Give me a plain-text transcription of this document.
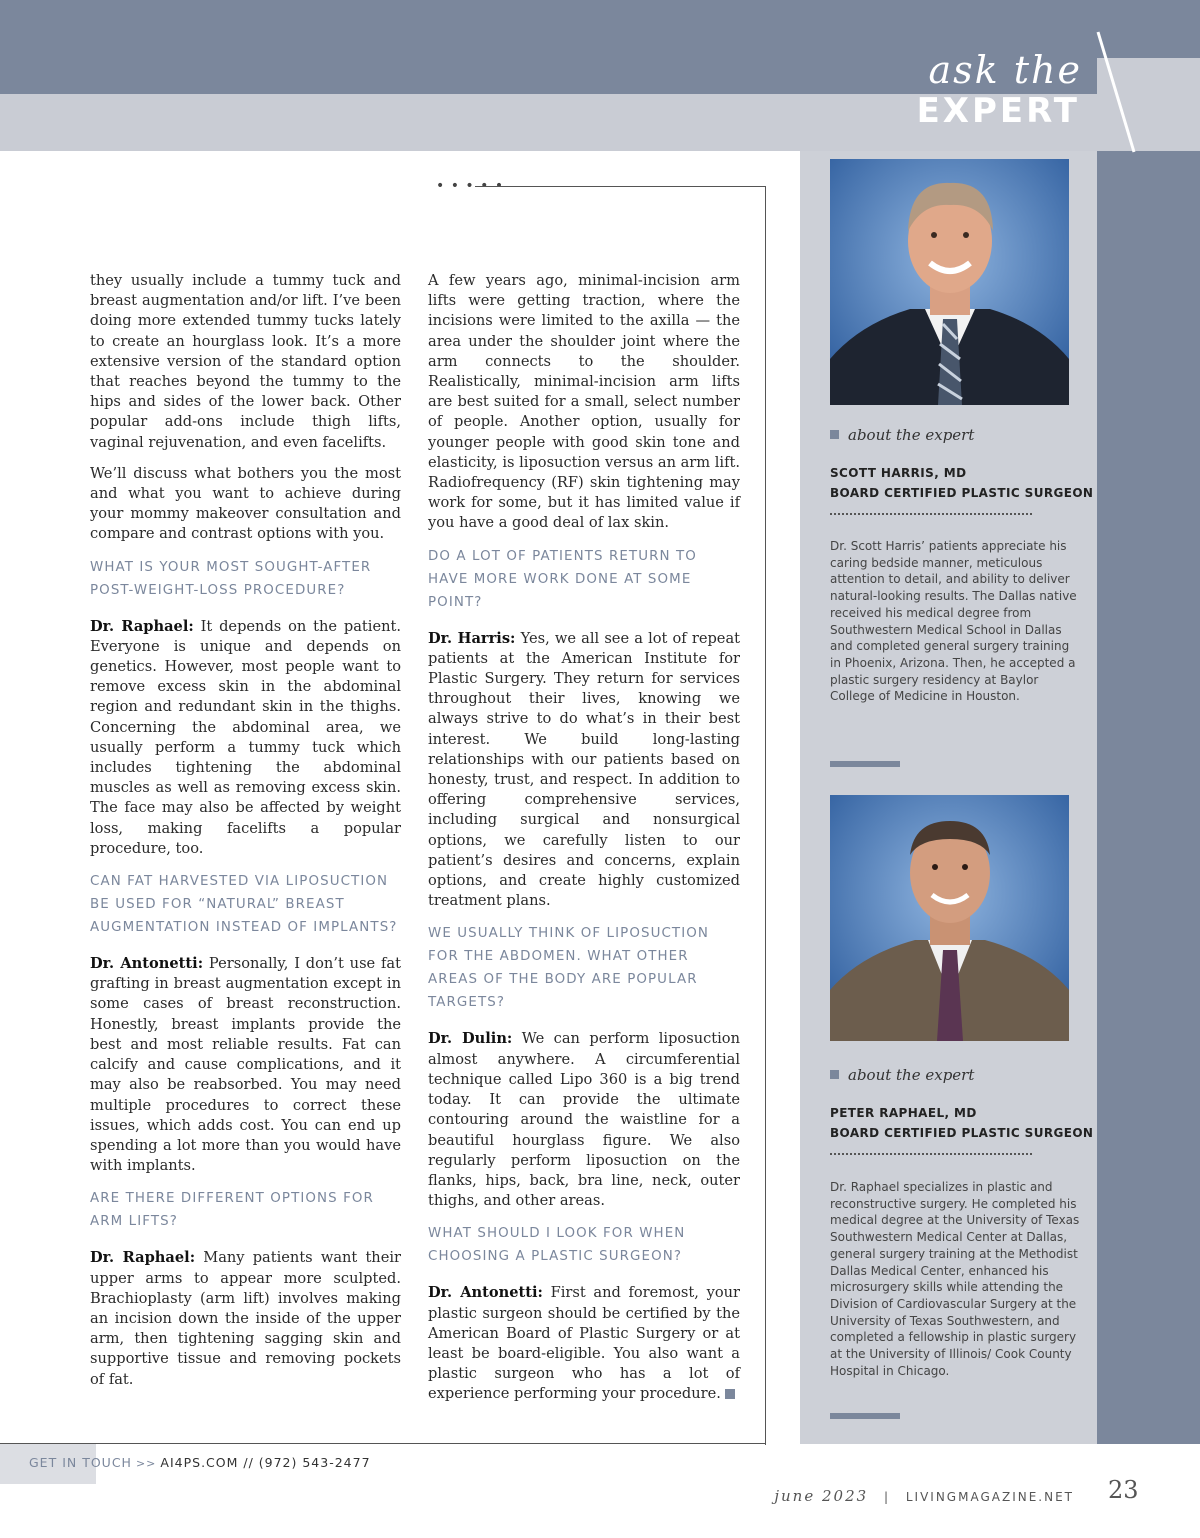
ask the
EXPERT
• • • • •

they usually include a tummy tuck and breast augmentation and/or lift. I’ve been doing more extended tummy tucks lately to create an hourglass look. It’s a more extensive version of the standard option that reaches beyond the tummy to the hips and sides of the lower back. Other popular add-ons include thigh lifts, vaginal rejuvenation, and even facelifts.

We’ll discuss what bothers you the most and what you want to achieve during your mommy makeover consultation and compare and contrast options with you.

WHAT IS YOUR MOST SOUGHT-AFTER POST-WEIGHT-LOSS PROCEDURE?

Dr. Raphael: It depends on the patient. Everyone is unique and depends on genetics. However, most people want to remove excess skin in the abdominal region and redundant skin in the thighs. Concerning the abdominal area, we usually perform a tummy tuck which includes tightening the abdominal muscles as well as removing excess skin. The face may also be affected by weight loss, making facelifts a popular procedure, too.

CAN FAT HARVESTED VIA LIPOSUCTION BE USED FOR “NATURAL” BREAST AUGMENTATION INSTEAD OF IMPLANTS?

Dr. Antonetti: Personally, I don’t use fat grafting in breast augmentation except in some cases of breast reconstruction. Honestly, breast implants provide the best and most reliable results. Fat can calcify and cause complications, and it may also be reabsorbed. You may need multiple procedures to correct these issues, which adds cost. You can end up spending a lot more than you would have with implants.

ARE THERE DIFFERENT OPTIONS FOR ARM LIFTS?

Dr. Raphael: Many patients want their upper arms to appear more sculpted. Brachioplasty (arm lift) involves making an incision down the inside of the upper arm, then tightening sagging skin and supportive tissue and removing pockets of fat.

A few years ago, minimal-incision arm lifts were getting traction, where the incisions were limited to the axilla — the area under the shoulder joint where the arm connects to the shoulder. Realistically, minimal-incision arm lifts are best suited for a small, select number of people. Another option, usually for younger people with good skin tone and elasticity, is liposuction versus an arm lift. Radiofrequency (RF) skin tightening may work for some, but it has limited value if you have a good deal of lax skin.

DO A LOT OF PATIENTS RETURN TO HAVE MORE WORK DONE AT SOME POINT?

Dr. Harris: Yes, we all see a lot of repeat patients at the American Institute for Plastic Surgery. They return for services throughout their lives, knowing we always strive to do what’s in their best interest. We build long-lasting relationships with our patients based on honesty, trust, and respect. In addition to offering comprehensive services, including surgical and nonsurgical options, we carefully listen to our patient’s desires and concerns, explain options, and create highly customized treatment plans.

WE USUALLY THINK OF LIPOSUCTION FOR THE ABDOMEN. WHAT OTHER AREAS OF THE BODY ARE POPULAR TARGETS?

Dr. Dulin: We can perform liposuction almost anywhere. A circumferential technique called Lipo 360 is a big trend today. It can provide the ultimate contouring around the waistline for a beautiful hourglass figure. We also regularly perform liposuction on the flanks, hips, back, bra line, neck, outer thighs, and other areas.

WHAT SHOULD I LOOK FOR WHEN CHOOSING A PLASTIC SURGEON?

Dr. Antonetti: First and foremost, your plastic surgeon should be certified by the American Board of Plastic Surgery or at least be board-eligible. You also want a plastic surgeon who has a lot of experience performing your procedure.

about the expert
SCOTT HARRIS, MD
BOARD CERTIFIED PLASTIC SURGEON
Dr. Scott Harris’ patients appreciate his caring bedside manner, meticulous attention to detail, and ability to deliver natural-looking results. The Dallas native received his medical degree from Southwestern Medical School in Dallas and completed general surgery training in Phoenix, Arizona. Then, he accepted a plastic surgery residency at Baylor College of Medicine in Houston.
about the expert
PETER RAPHAEL, MD
BOARD CERTIFIED PLASTIC SURGEON
Dr. Raphael specializes in plastic and reconstructive surgery. He completed his medical degree at the University of Texas Southwestern Medical Center at Dallas, general surgery training at the Methodist Dallas Medical Center, enhanced his microsurgery skills while attending the Division of Cardiovascular Surgery at the University of Texas Southwestern, and completed a fellowship in plastic surgery at the University of Illinois/ Cook County Hospital in Chicago.
GET IN TOUCH >> AI4PS.COM // (972) 543-2477
june 2023 | LIVINGMAGAZINE.NET 23
